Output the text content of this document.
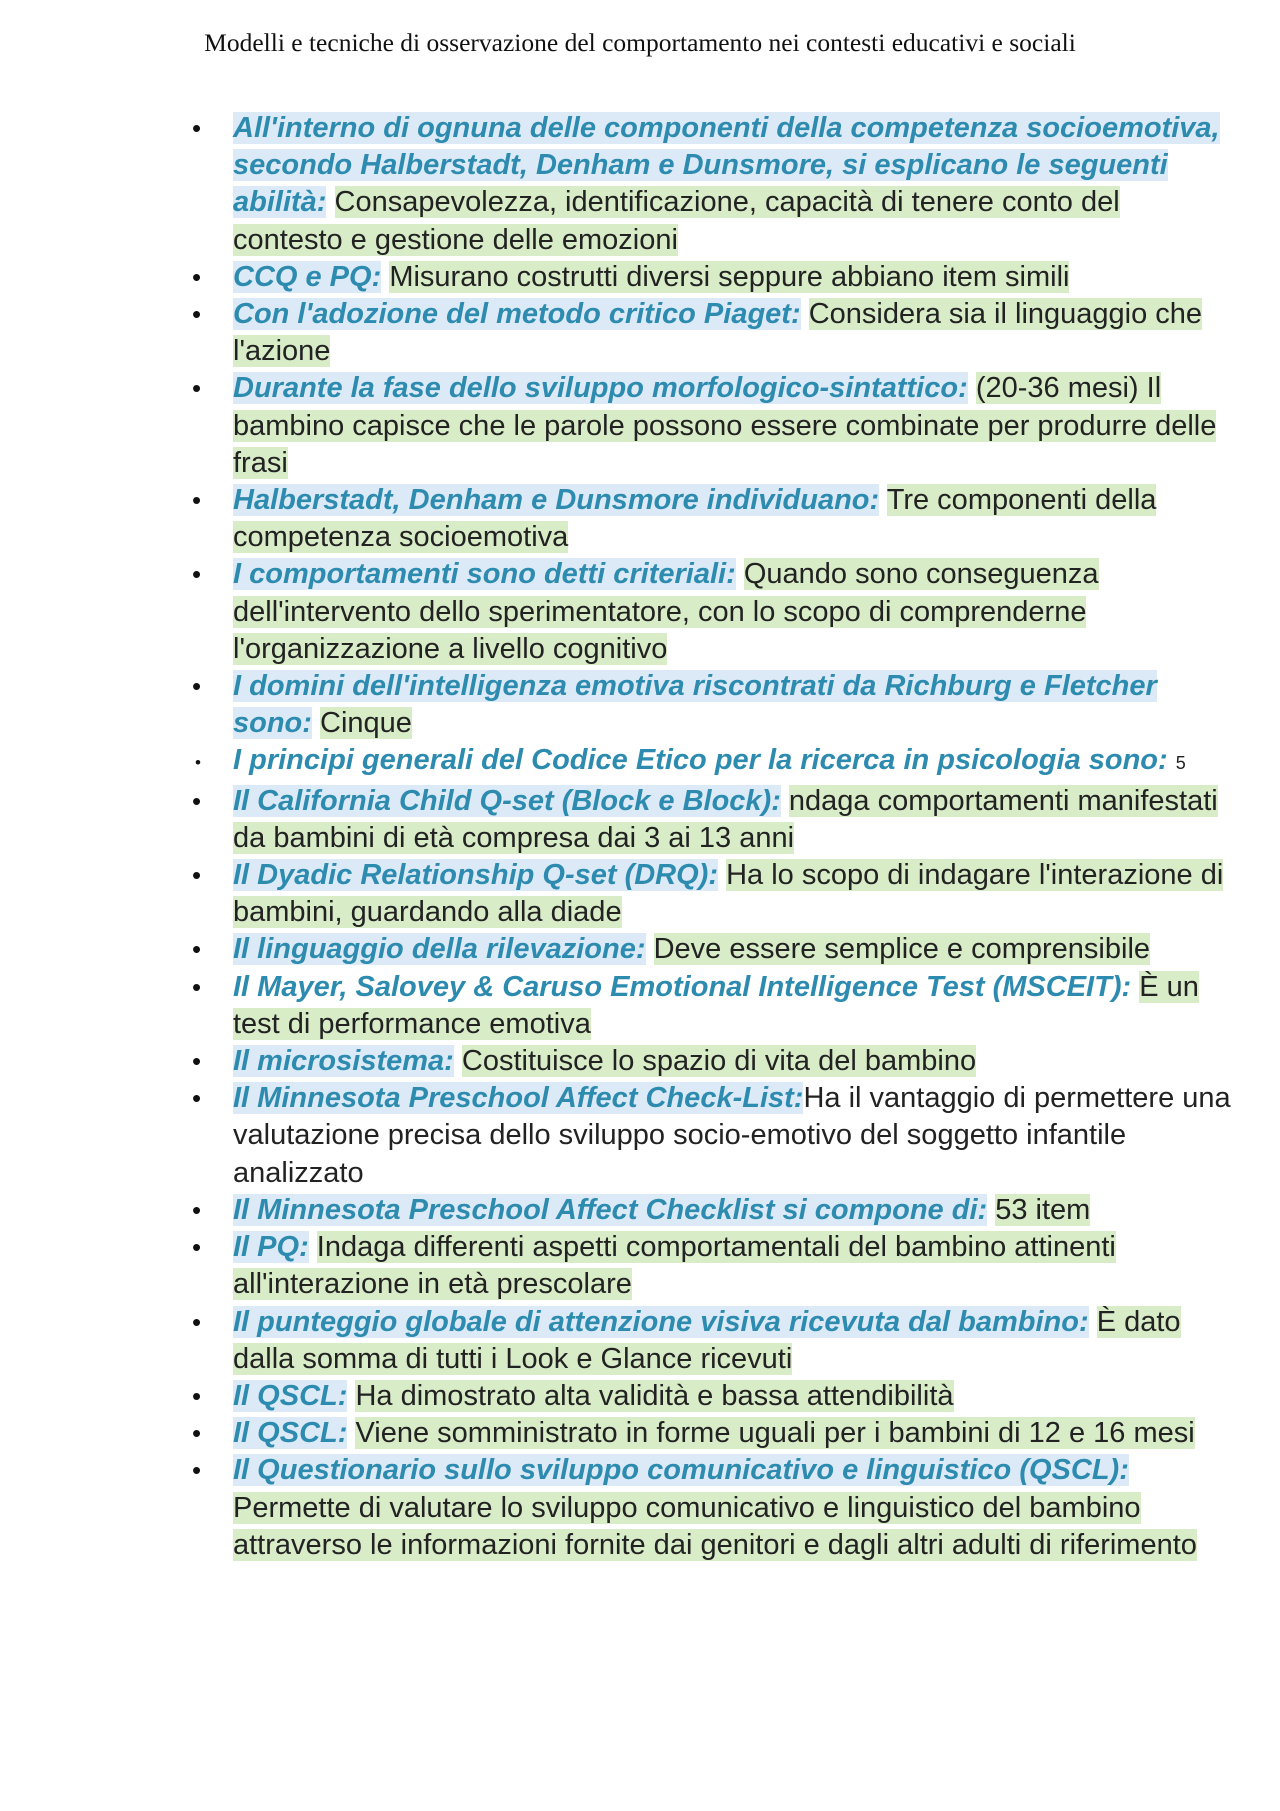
Modelli e tecniche di osservazione del comportamento nei contesti educativi e sociali
• All'interno di ognuna delle componenti della competenza socioemotiva, secondo Halberstadt, Denham e Dunsmore, si esplicano le seguenti abilità: Consapevolezza, identificazione, capacità di tenere conto del contesto e gestione delle emozioni
• CCQ e PQ: Misurano costrutti diversi seppure abbiano item simili
• Con l'adozione del metodo critico Piaget: Considera sia il linguaggio che l'azione
• Durante la fase dello sviluppo morfologico-sintattico: (20-36 mesi) Il bambino capisce che le parole possono essere combinate per produrre delle frasi
• Halberstadt, Denham e Dunsmore individuano: Tre componenti della competenza socioemotiva
• I comportamenti sono detti criteriali: Quando sono conseguenza dell'intervento dello sperimentatore, con lo scopo di comprenderne l'organizzazione a livello cognitivo
• I domini dell'intelligenza emotiva riscontrati da Richburg e Fletcher sono: Cinque
• I principi generali del Codice Etico per la ricerca in psicologia sono: 5
• Il California Child Q-set (Block e Block): ndaga comportamenti manifestati da bambini di età compresa dai 3 ai 13 anni
• Il Dyadic Relationship Q-set (DRQ): Ha lo scopo di indagare l'interazione di bambini, guardando alla diade
• Il linguaggio della rilevazione: Deve essere semplice e comprensibile
• Il Mayer, Salovey & Caruso Emotional Intelligence Test (MSCEIT): È un test di performance emotiva
• Il microsistema: Costituisce lo spazio di vita del bambino
• Il Minnesota Preschool Affect Check-List:Ha il vantaggio di permettere una valutazione precisa dello sviluppo socio-emotivo del soggetto infantile analizzato
• Il Minnesota Preschool Affect Checklist si compone di: 53 item
• Il PQ: Indaga differenti aspetti comportamentali del bambino attinenti all'interazione in età prescolare
• Il punteggio globale di attenzione visiva ricevuta dal bambino: È dato dalla somma di tutti i Look e Glance ricevuti
• Il QSCL: Ha dimostrato alta validità e bassa attendibilità
• Il QSCL: Viene somministrato in forme uguali per i bambini di 12 e 16 mesi
• Il Questionario sullo sviluppo comunicativo e linguistico (QSCL): Permette di valutare lo sviluppo comunicativo e linguistico del bambino attraverso le informazioni fornite dai genitori e dagli altri adulti di riferimento
